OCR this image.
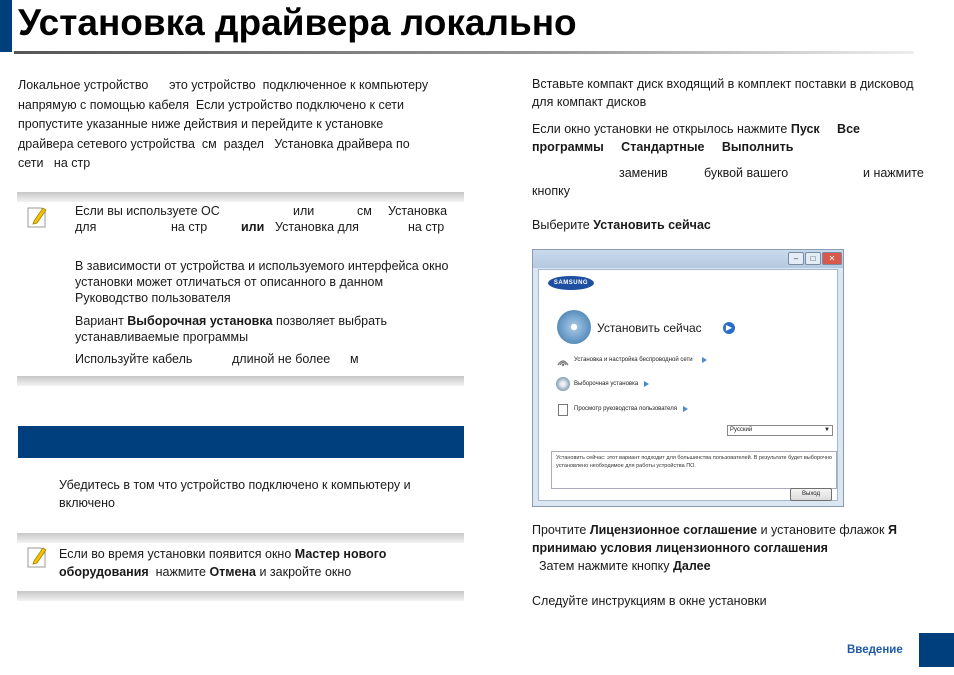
Установка драйвера локально
Локальное устройство      это устройство  подключенное к компьютеру
напрямую с помощью кабеля  Если устройство подключено к сети
пропустите указанные ниже действия и перейдите к установке
драйвера сетевого устройства  см  раздел   Установка драйвера по
сети   на стр
Если вы используете ОС	или	см Установка
для	на стр	или Установка для	на стр
В зависимости от устройства и используемого интерфейса окно установки может отличаться от описанного в данном
Руководство пользователя
Вариант Выборочная установка позволяет выбрать устанавливаемые программы
Используйте кабель	длиной не более м
Убедитесь в том что устройство подключено к компьютеру и включено
Если во время установки появится окно Мастер нового оборудования  нажмите Отмена и закройте окно
Вставьте компакт диск входящий в комплект поставки в дисковод для компакт дисков
Если окно установки не открылось нажмите Пуск Все программы Стандартные Выполнить
заменив	буквой вашего	и нажмите
кнопку
Выберите Установить сейчас
–	□	✕
SAMSUNG
Установить сейчас	▶
Установка и настройка беспроводной сети
Выборочная установка
Просмотр руководства пользователя
Русский	▼
Установить сейчас: этот вариант подходит для большинства пользователей. В результате будет выборочно установлено необходимое для работы устройства ПО.
Выход
Прочтите Лицензионное соглашение и установите флажок Я принимаю условия лицензионного соглашения  Затем нажмите кнопку Далее
Следуйте инструкциям в окне установки
Введение
